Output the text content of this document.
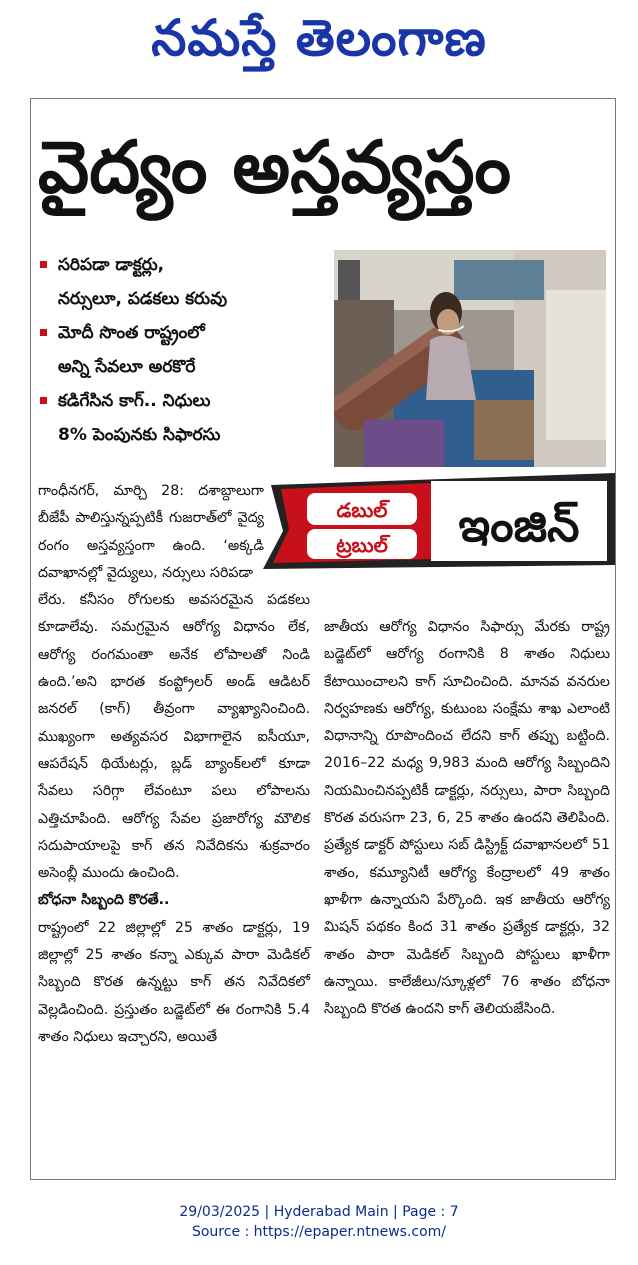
నమస్తే తెలంగాణ
వైద్యం అస్తవ్యస్తం
సరిపడా డాక్టర్లు,
నర్సులూ, పడకలు కరువు
మోదీ సొంత రాష్ట్రంలో
అన్ని సేవలూ అరకొరే
కడిగేసిన కాగ్‌.. నిధులు
8% పెంపునకు సిఫారసు
డబుల్
ట్రబుల్ ఇంజిన్‌

గాంధీనగర్‌, మార్చి 28: దశాబ్దాలుగా బీజేపీ పాలిస్తున్నప్పటికీ గుజరాత్‌లో వైద్య రంగం అస్తవ్యస్తంగా ఉంది. ‘అక్కడి దవాఖానల్లో వైద్యులు, నర్సులు సరిపడా

లేరు. కనీసం రోగులకు అవసరమైన పడకలు కూడాలేవు. సమగ్రమైన ఆరోగ్య విధానం లేక, ఆరోగ్య రంగమంతా అనేక లోపాలతో నిండి ఉంది.’అని భారత కంప్ట్రోలర్‌ అండ్‌ ఆడిటర్‌ జనరల్‌ (కాగ్‌) తీవ్రంగా వ్యాఖ్యానించింది. ముఖ్యంగా అత్యవసర విభాగాలైన ఐసీయూ, ఆపరేషన్‌ థియేటర్లు, బ్లడ్‌ బ్యాంక్‌లలో కూడా సేవలు సరిగ్గా లేవంటూ పలు లోపాలను ఎత్తిచూపింది. ఆరోగ్య సేవల ప్రజారోగ్య మౌలిక సదుపాయాలపై కాగ్‌ తన నివేదికను శుక్రవారం అసెంబ్లీ ముందు ఉంచింది.

బోధనా సిబ్బంది కొరతే..

రాష్ట్రంలో 22 జిల్లాల్లో 25 శాతం డాక్టర్లు, 19 జిల్లాల్లో 25 శాతం కన్నా ఎక్కువ పారా మెడికల్‌ సిబ్బంది కొరత ఉన్నట్టు కాగ్‌ తన నివేదికలో వెల్లడించింది. ప్రస్తుతం బడ్జెట్‌లో ఈ రంగానికి 5.4 శాతం నిధులు ఇచ్చారని, అయితే

జాతీయ ఆరోగ్య విధానం సిఫార్సు మేరకు రాష్ట్ర బడ్జెట్‌లో ఆరోగ్య రంగానికి 8 శాతం నిధులు కేటాయించాలని కాగ్‌ సూచించింది. మానవ వనరుల నిర్వహణకు ఆరోగ్య, కుటుంబ సంక్షేమ శాఖ ఎలాంటి విధానాన్ని రూపొందించ లేదని కాగ్‌ తప్పు బట్టింది. 2016–22 మధ్య 9,983 మంది ఆరోగ్య సిబ్బందిని నియమించినప్పటికీ డాక్టర్లు, నర్సులు, పారా సిబ్బంది కొరత వరుసగా 23, 6, 25 శాతం ఉందని తెలిపింది. ప్రత్యేక డాక్టర్‌ పోస్టులు సబ్‌ డిస్ట్రిక్ట్‌ దవాఖానలలో 51 శాతం, కమ్యూనిటీ ఆరోగ్య కేంద్రాలలో 49 శాతం ఖాళీగా ఉన్నాయని పేర్కొంది. ఇక జాతీయ ఆరోగ్య మిషన్‌ పథకం కింద 31 శాతం ప్రత్యేక డాక్టర్లు, 32 శాతం పారా మెడికల్‌ సిబ్బంది పోస్టులు ఖాళీగా ఉన్నాయి. కాలేజీలు/స్కూళ్లలో 76 శాతం బోధనా సిబ్బంది కొరత ఉందని కాగ్‌ తెలియజేసింది.

29/03/2025 | Hyderabad Main | Page : 7
Source : https://epaper.ntnews.com/
